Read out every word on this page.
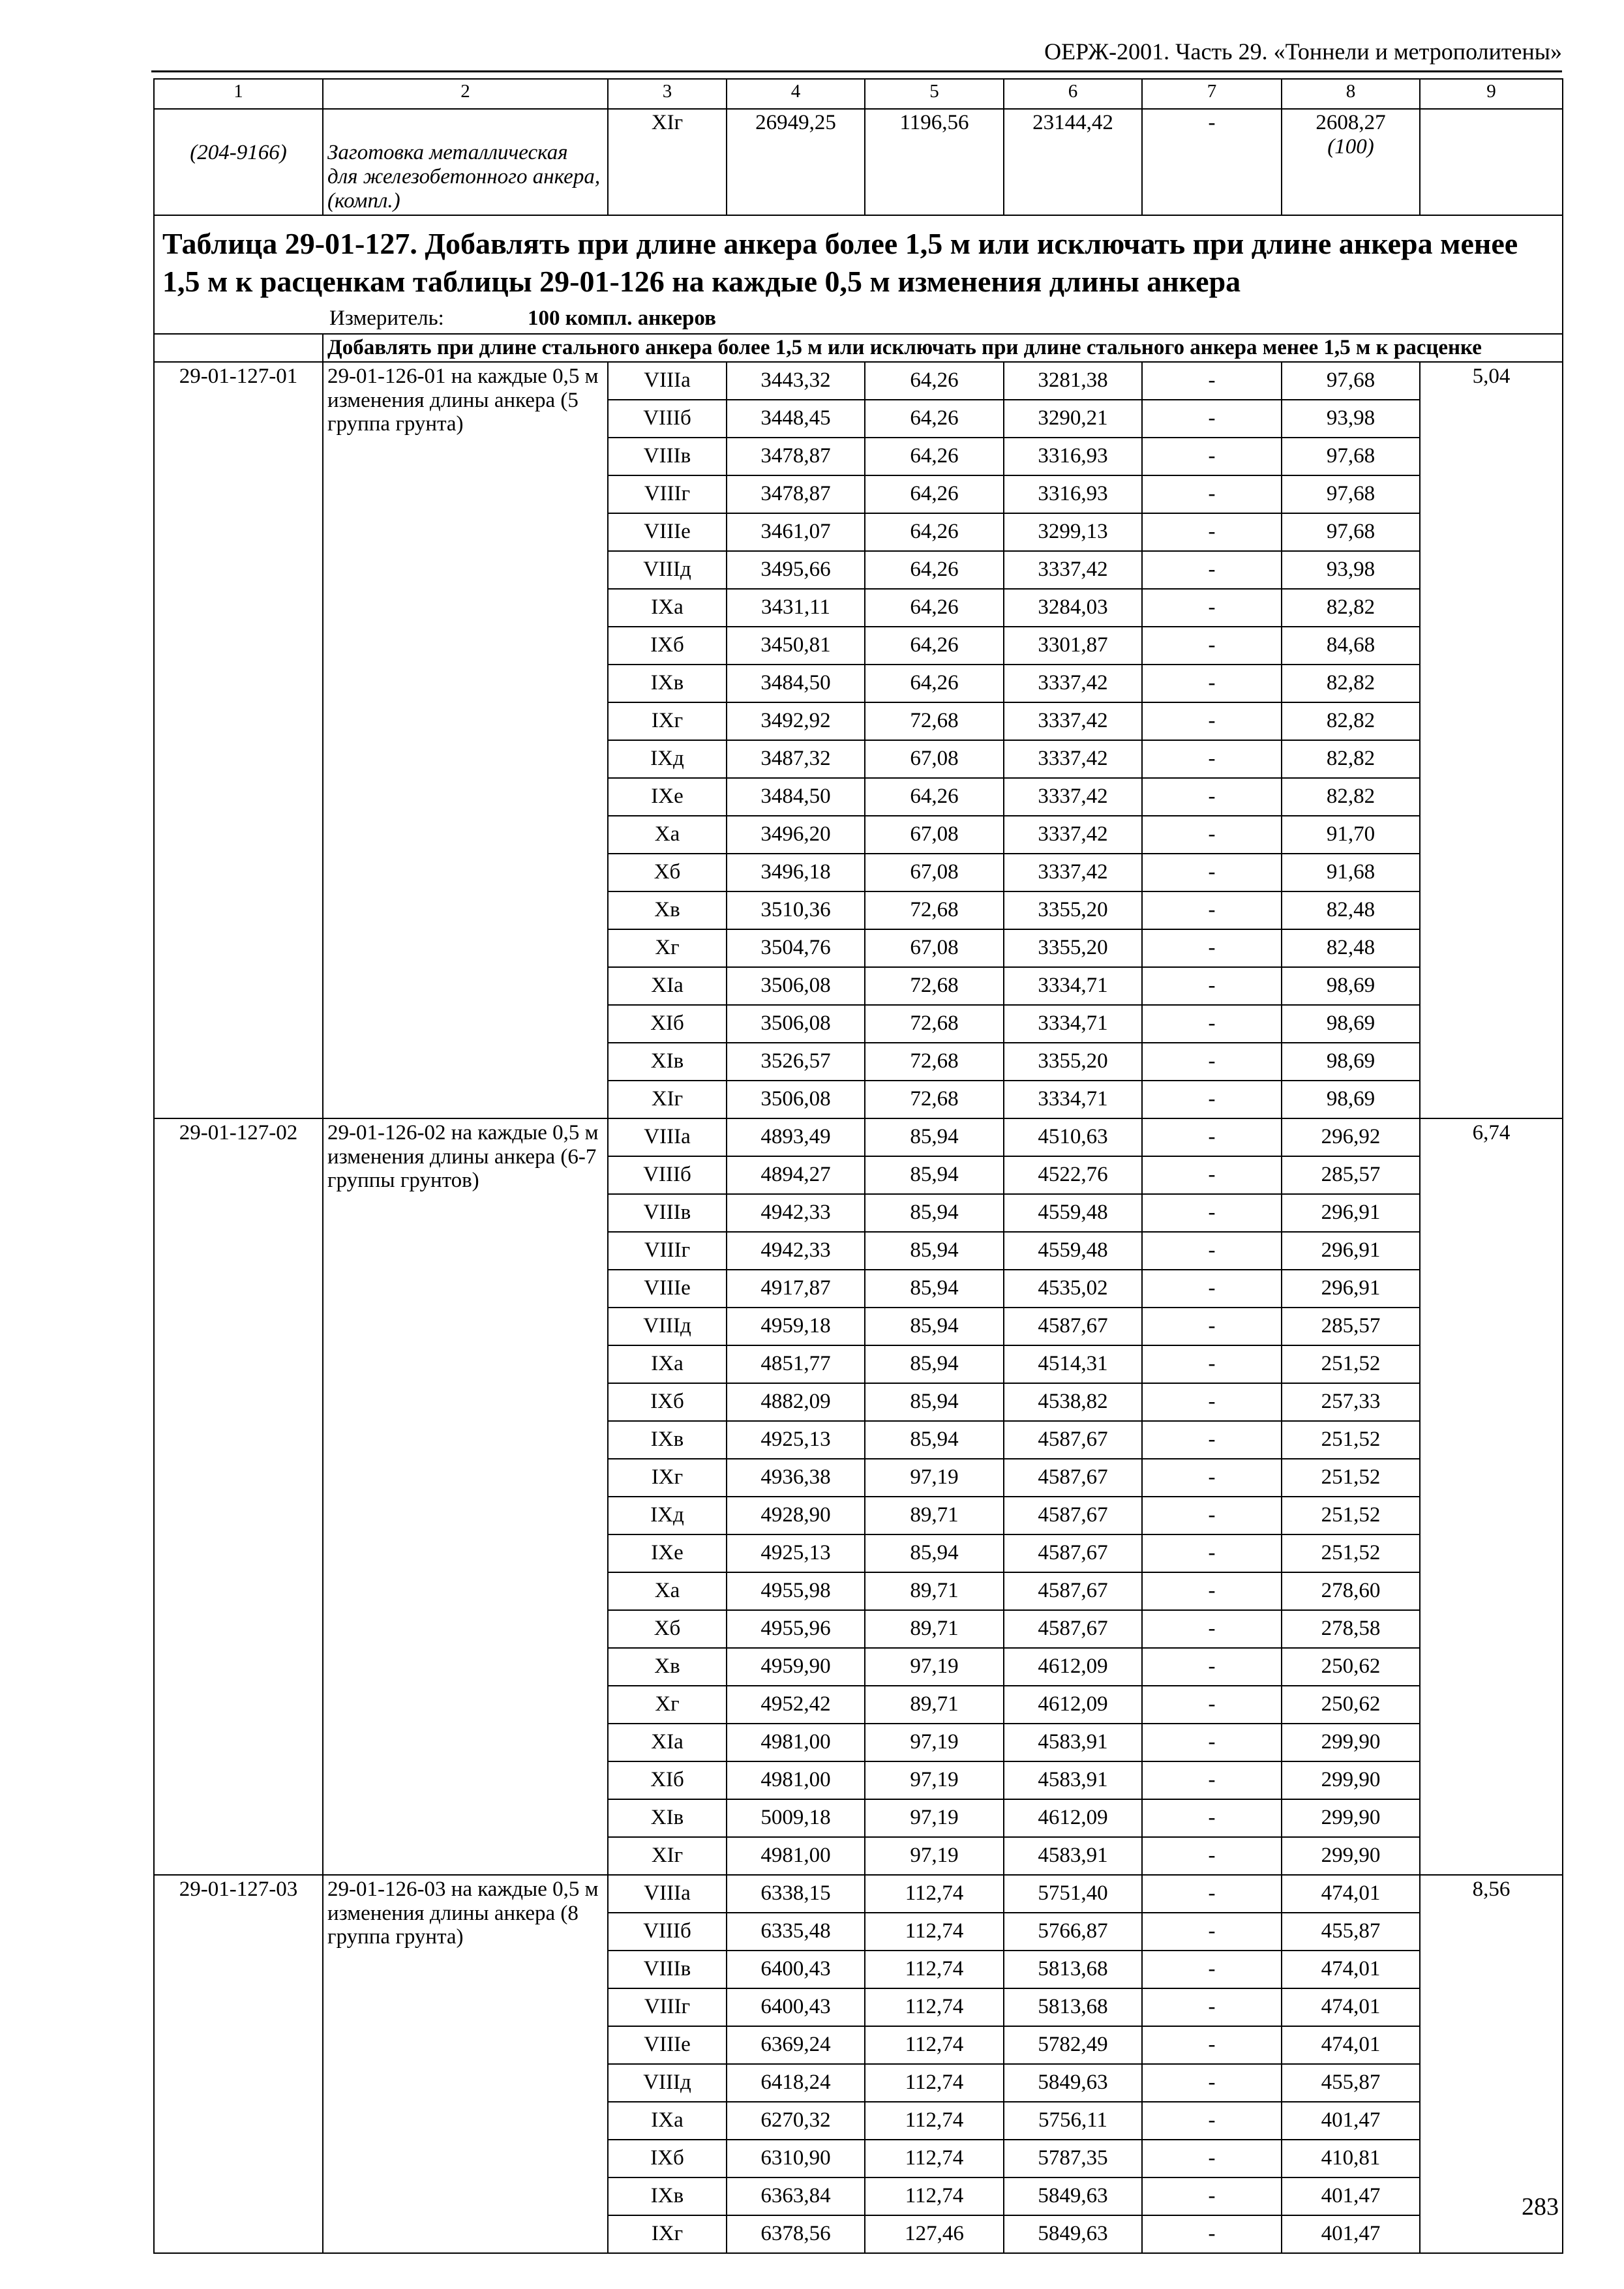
ОЕРЖ-2001. Часть 29. «Тоннели и метрополитены»
1	2	3	4	5	6	7	8	9
(204-9166)	Заготовка металлическая для железобетонного анкера, (компл.)	XIг	26949,25	1196,56	23144,42	-	2608,27
(100)	

Таблица 29-01-127. Добавлять при длине анкера более 1,5 м или исключать при длине анкера менее 1,5 м к расценкам таблицы 29-01-126 на каждые 0,5 м изменения длины анкера
Измеритель: 100 компл. анкеров								

	Добавлять при длине стального анкера более 1,5 м или исключать при длине стального анкера менее 1,5 м к расценке							
29-01-127-01	29-01-126-01 на каждые 0,5 м изменения длины анкера (5 группа грунта)	VIIIа	3443,32	64,26	3281,38	-	97,68	5,04
		VIIIб	3448,45	64,26	3290,21	-	93,98	
		VIIIв	3478,87	64,26	3316,93	-	97,68	
		VIIIг	3478,87	64,26	3316,93	-	97,68	
		VIIIе	3461,07	64,26	3299,13	-	97,68	
		VIIIд	3495,66	64,26	3337,42	-	93,98	
		IXа	3431,11	64,26	3284,03	-	82,82	
		IXб	3450,81	64,26	3301,87	-	84,68	
		IXв	3484,50	64,26	3337,42	-	82,82	
		IXг	3492,92	72,68	3337,42	-	82,82	
		IXд	3487,32	67,08	3337,42	-	82,82	
		IXе	3484,50	64,26	3337,42	-	82,82	
		Xа	3496,20	67,08	3337,42	-	91,70	
		Xб	3496,18	67,08	3337,42	-	91,68	
		Xв	3510,36	72,68	3355,20	-	82,48	
		Xг	3504,76	67,08	3355,20	-	82,48	
		XIа	3506,08	72,68	3334,71	-	98,69	
		XIб	3506,08	72,68	3334,71	-	98,69	
		XIв	3526,57	72,68	3355,20	-	98,69	
		XIг	3506,08	72,68	3334,71	-	98,69	
29-01-127-02	29-01-126-02 на каждые 0,5 м изменения длины анкера (6-7 группы грунтов)	VIIIа	4893,49	85,94	4510,63	-	296,92	6,74
		VIIIб	4894,27	85,94	4522,76	-	285,57	
		VIIIв	4942,33	85,94	4559,48	-	296,91	
		VIIIг	4942,33	85,94	4559,48	-	296,91	
		VIIIе	4917,87	85,94	4535,02	-	296,91	
		VIIIд	4959,18	85,94	4587,67	-	285,57	
		IXа	4851,77	85,94	4514,31	-	251,52	
		IXб	4882,09	85,94	4538,82	-	257,33	
		IXв	4925,13	85,94	4587,67	-	251,52	
		IXг	4936,38	97,19	4587,67	-	251,52	
		IXд	4928,90	89,71	4587,67	-	251,52	
		IXе	4925,13	85,94	4587,67	-	251,52	
		Xа	4955,98	89,71	4587,67	-	278,60	
		Xб	4955,96	89,71	4587,67	-	278,58	
		Xв	4959,90	97,19	4612,09	-	250,62	
		Xг	4952,42	89,71	4612,09	-	250,62	
		XIа	4981,00	97,19	4583,91	-	299,90	
		XIб	4981,00	97,19	4583,91	-	299,90	
		XIв	5009,18	97,19	4612,09	-	299,90	
		XIг	4981,00	97,19	4583,91	-	299,90	
29-01-127-03	29-01-126-03 на каждые 0,5 м изменения длины анкера (8 группа грунта)	VIIIа	6338,15	112,74	5751,40	-	474,01	8,56
		VIIIб	6335,48	112,74	5766,87	-	455,87	
		VIIIв	6400,43	112,74	5813,68	-	474,01	
		VIIIг	6400,43	112,74	5813,68	-	474,01	
		VIIIе	6369,24	112,74	5782,49	-	474,01	
		VIIIд	6418,24	112,74	5849,63	-	455,87	
		IXа	6270,32	112,74	5756,11	-	401,47	
		IXб	6310,90	112,74	5787,35	-	410,81	
		IXв	6363,84	112,74	5849,63	-	401,47	
		IXг	6378,56	127,46	5849,63	-	401,47	
283
